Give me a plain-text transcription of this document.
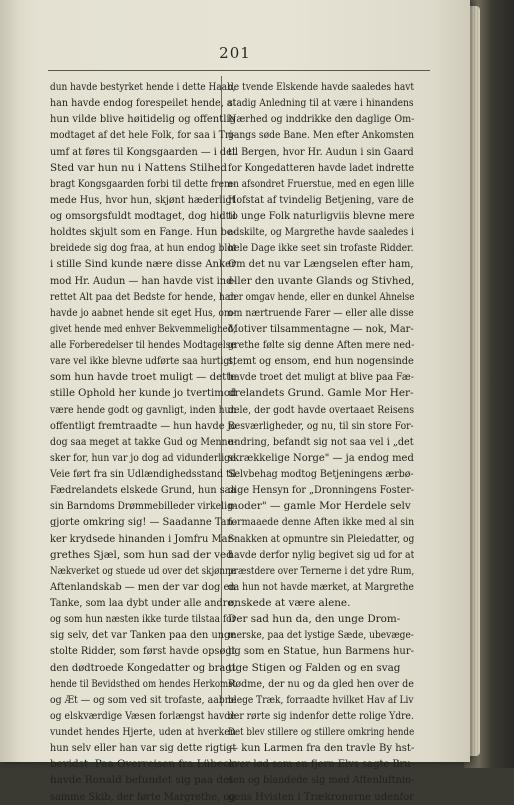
201
dun havde bestyrket hende i dette Haab,
han havde endog forespeilet hende, at
hun vilde blive høitidelig og offentlig
modtaget af det hele Folk, for saa i Tri-
umf at føres til Kongsgaarden — i det
Sted var hun nu i Nattens Stilhed
bragt Kongsgaarden forbi til dette frem-
mede Hus, hvor hun, skjønt hæderligt
og omsorgsfuldt modtaget, dog hidtil
holdtes skjult som en Fange. Hun be-
breidede sig dog fraa, at hun endog blot
i stille Sind kunde nære disse Anker
mod Hr. Audun — han havde vist ind-
rettet Alt paa det Bedste for hende, han
havde jo aabnet hende sit eget Hus, om-
givet hende med enhver Bekvemmelighed,
alle Forberedelser til hendes Modtagelse
vare vel ikke blevne udførte saa hurtigt,
som hun havde troet muligt — dette
stille Ophold her kunde jo tvertimod
være hende godt og gavnligt, inden hun
offentligt fremtraadte — hun havde jo
dog saa meget at takke Gud og Menne-
sker for, hun var jo dog ad vidunderlige
Veie ført fra sin Udlændighedsstand til
Fædrelandets elskede Grund, hun saa
sin Barndoms Drømmebilleder virkelig-
gjorte omkring sig! — Saadanne Tan-
ker krydsede hinanden i Jomfru Mar-
grethes Sjæl, som hun sad der ved
Nækverket og stuede ud over det skjønne
Aftenlandskab — men der var dog en
Tanke, som laa dybt under alle andre,
og som hun næsten ikke turde tilstaa for
sig selv, det var Tanken paa den unge
stolte Ridder, som først havde opsøgt
den dødtroede Kongedatter og bragt
hende til Bevidsthed om hendes Herkomst
og Æt — og som ved sit trofaste, aabne
og elskværdige Væsen forlængst havde
vundet hendes Hjerte, uden at hverken
hun selv eller han var sig dette rigtigt
bevidst. Paa Overreisen fra Lübeck
havde Ronald befundet sig paa det
samme Skib, der førte Margrethe, og
de tvende Elskende havde saaledes havt
stadig Anledning til at være i hinandens
Nærhed og inddrikke den daglige Om-
gangs søde Bane. Men efter Ankomsten
til Bergen, hvor Hr. Audun i sin Gaard
for Kongedatteren havde ladet indrette
en afsondret Fruerstue, med en egen lille
Hofstat af tvindelig Betjening, vare de
to unge Folk naturligviis blevne mere
adskilte, og Margrethe havde saaledes i
hele Dage ikke seet sin trofaste Ridder.
Om det nu var Længselen efter ham,
eller den uvante Glands og Stivhed,
der omgav hende, eller en dunkel Ahnelse
om nærtruende Farer — eller alle disse
Motiver tilsammentagne — nok, Mar-
grethe følte sig denne Aften mere ned-
stemt og ensom, end hun nogensinde
havde troet det muligt at blive paa Fæ-
drelandets Grund. Gamle Mor Her-
dele, der godt havde overtaaet Reisens
Besværligheder, og nu, til sin store For-
undring, befandt sig not saa vel i „det
skrækkelige Norge" — ja endog med
Selvbehag modtog Betjeningens ærbø-
dige Hensyn for „Dronningens Foster-
moder" — gamle Mor Herdele selv
formaaede denne Aften ikke med al sin
Snakken at opmuntre sin Pleiedatter, og
havde derfor nylig begivet sig ud for at
præstdere over Ternerne i det ydre Rum,
da hun not havde mærket, at Margrethe
ønskede at være alene.
Der sad hun da, den unge Drom-
merske, paa det lystige Sæde, ubevæge-
lig som en Statue, hun Barmens hur-
tige Stigen og Falden og en svag
Rødme, der nu og da gled hen over de
blege Træk, forraadte hvilket Hav af Liv
der rørte sig indenfor dette rolige Ydre.
Det blev stillere og stillere omkring hende
— kun Larmen fra den travle By hst-
over lød som en fjern Elvs sagte Bru-
sen og blandede sig med Aftenluftnin-
gens Hvisten i Trækronerne udenfor
